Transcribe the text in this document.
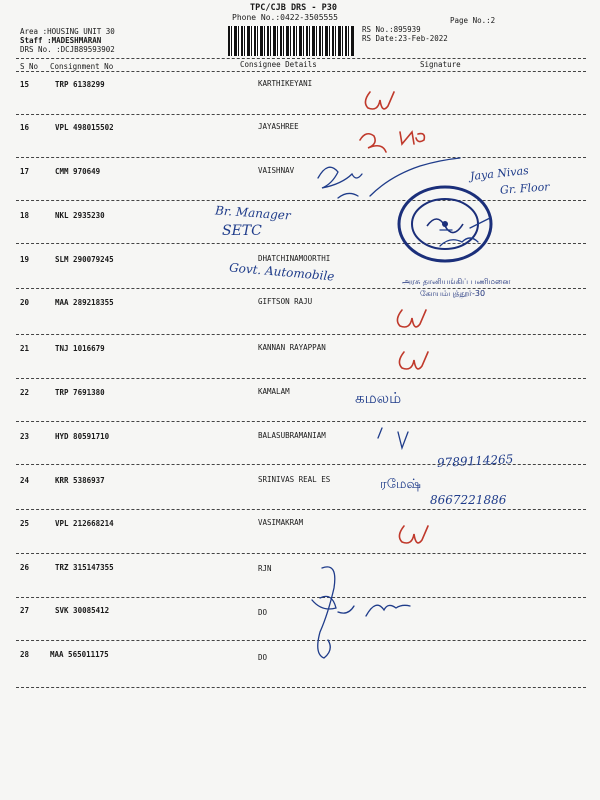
TPC/CJB DRS - P30
Phone No.:0422-3505555
Area :HOUSING UNIT 30
Staff :MADESHMARAN
DRS No. :DCJB89593902
RS No.:895939
RS Date:23-Feb-2022
Page No.:2
S No Consignment No	Consignee Details	Signature
15	TRP 6138299	KARTHIKEYANI
16	VPL 498015502	JAYASHREE
17	CMM 970649	VAISHNAV
18	NKL 2935230
19	SLM 290079245	DHATCHINAMOORTHI
20	MAA 289218355	GIFTSON RAJU
21	TNJ 1016679	KANNAN RAYAPPAN
22	TRP 7691380	KAMALAM
23	HYD 80591710	BALASUBRAMANIAM
24	KRR 5386937	SRINIVAS REAL ES
25	VPL 212668214	VASIMAKRAM
26	TRZ 315147355	RJN
27	SVK 30085412	DO
28	MAA 565011175	DO
Br. Manager
SETC
Govt. Automobile
Jaya Nivas
Gr. Floor
9789114265
கமலம்
ரமேஷ்
8667221886
அரசு தானியங்கிப் பணிமனை
கோயம்புத்தூர்-30
